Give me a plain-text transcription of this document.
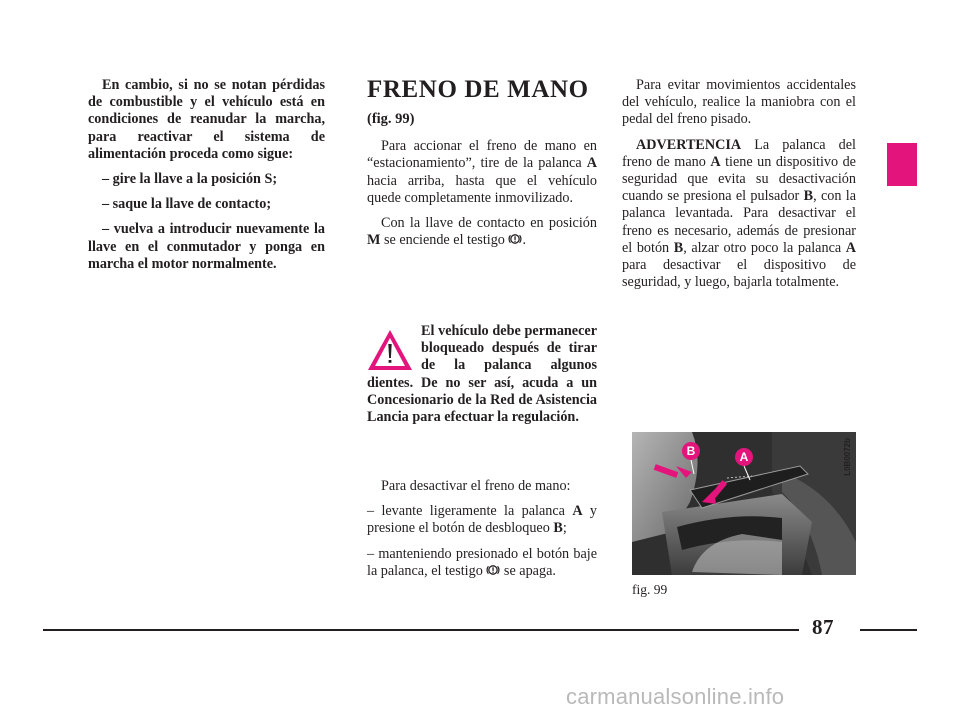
En cambio, si no se notan pérdidas de combustible y el vehículo está en condiciones de reanudar la marcha, para reactivar el sistema de alimentación proceda como sigue:

– gire la llave a la posición S;

– saque la llave de contacto;

– vuelva a introducir nuevamente la llave en el conmutador y ponga en marcha el motor normalmente.

FRENO DE MANO

(fig. 99)

Para accionar el freno de mano en “estacionamiento”, tire de la palanca A hacia arriba, hasta que el vehículo quede completamente inmovilizado.

Con la llave de contacto en posición M se enciende el testigo .

El vehículo debe permanecer bloqueado después de tirar de la palanca algunos dientes. De no ser así, acuda a un Concesionario de la Red de Asistencia Lancia para efectuar la regulación.

Para desactivar el freno de mano:

– levante ligeramente la palanca A y presione el botón de desbloqueo B;

– manteniendo presionado el botón baje la palanca, el testigo  se apaga.

Para evitar movimientos accidentales del vehículo, realice la maniobra con el pedal del freno pisado.

ADVERTENCIA La palanca del freno de mano A tiene un dispositivo de seguridad que evita su desactivación cuando se presiona el pulsador B, con la palanca levantada. Para desactivar el freno es necesario, además de presionar el botón B, alzar otro poco la palanca A para desactivar el dispositivo de seguridad, y luego, bajarla totalmente.

B	A	L0B0072b
fig. 99
87
carmanualsonline.info
